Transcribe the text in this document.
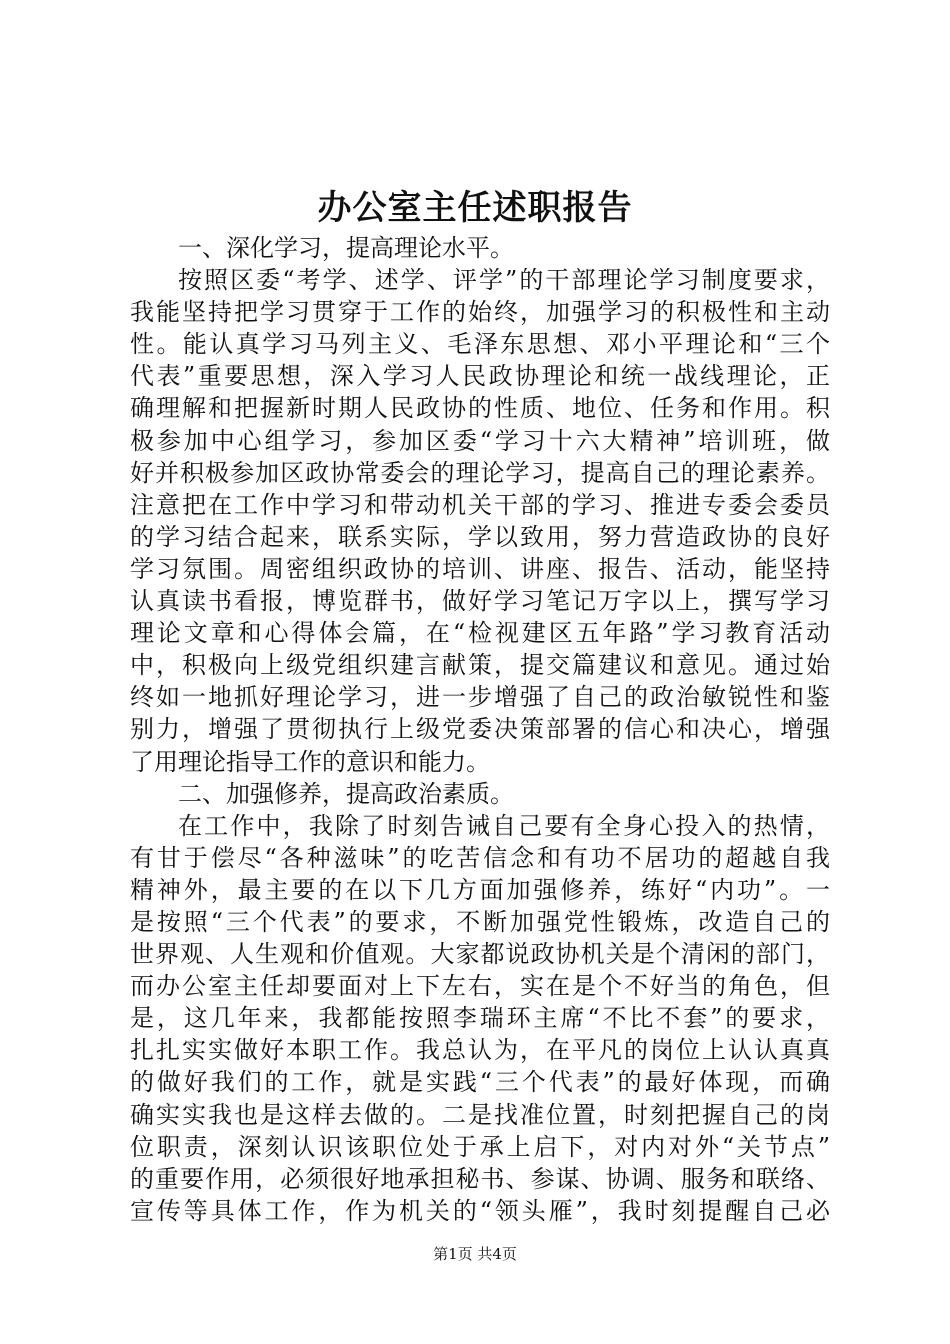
办公室主任述职报告
一、深化学习，提高理论水平。
按照区委“考学、述学、评学”的干部理论学习制度要求，
我能坚持把学习贯穿于工作的始终，加强学习的积极性和主动
性。能认真学习马列主义、毛泽东思想、邓小平理论和“三个
代表”重要思想，深入学习人民政协理论和统一战线理论，正
确理解和把握新时期人民政协的性质、地位、任务和作用。积
极参加中心组学习，参加区委“学习十六大精神”培训班，做
好并积极参加区政协常委会的理论学习，提高自己的理论素养。
注意把在工作中学习和带动机关干部的学习、推进专委会委员
的学习结合起来，联系实际，学以致用，努力营造政协的良好
学习氛围。周密组织政协的培训、讲座、报告、活动，能坚持
认真读书看报，博览群书，做好学习笔记万字以上，撰写学习
理论文章和心得体会篇，在“检视建区五年路”学习教育活动
中，积极向上级党组织建言献策，提交篇建议和意见。通过始
终如一地抓好理论学习，进一步增强了自己的政治敏锐性和鉴
别力，增强了贯彻执行上级党委决策部署的信心和决心，增强
了用理论指导工作的意识和能力。
二、加强修养，提高政治素质。
在工作中，我除了时刻告诫自己要有全身心投入的热情，
有甘于偿尽“各种滋味”的吃苦信念和有功不居功的超越自我
精神外，最主要的在以下几方面加强修养，练好“内功”。一
是按照“三个代表”的要求，不断加强党性锻炼，改造自己的
世界观、人生观和价值观。大家都说政协机关是个清闲的部门，
而办公室主任却要面对上下左右，实在是个不好当的角色，但
是，这几年来，我都能按照李瑞环主席“不比不套”的要求，
扎扎实实做好本职工作。我总认为，在平凡的岗位上认认真真
的做好我们的工作，就是实践“三个代表”的最好体现，而确
确实实我也是这样去做的。二是找准位置，时刻把握自己的岗
位职责，深刻认识该职位处于承上启下，对内对外“关节点”
的重要作用，必须很好地承担秘书、参谋、协调、服务和联络、
宣传等具体工作，作为机关的“领头雁”，我时刻提醒自己必
第1页 共4页
